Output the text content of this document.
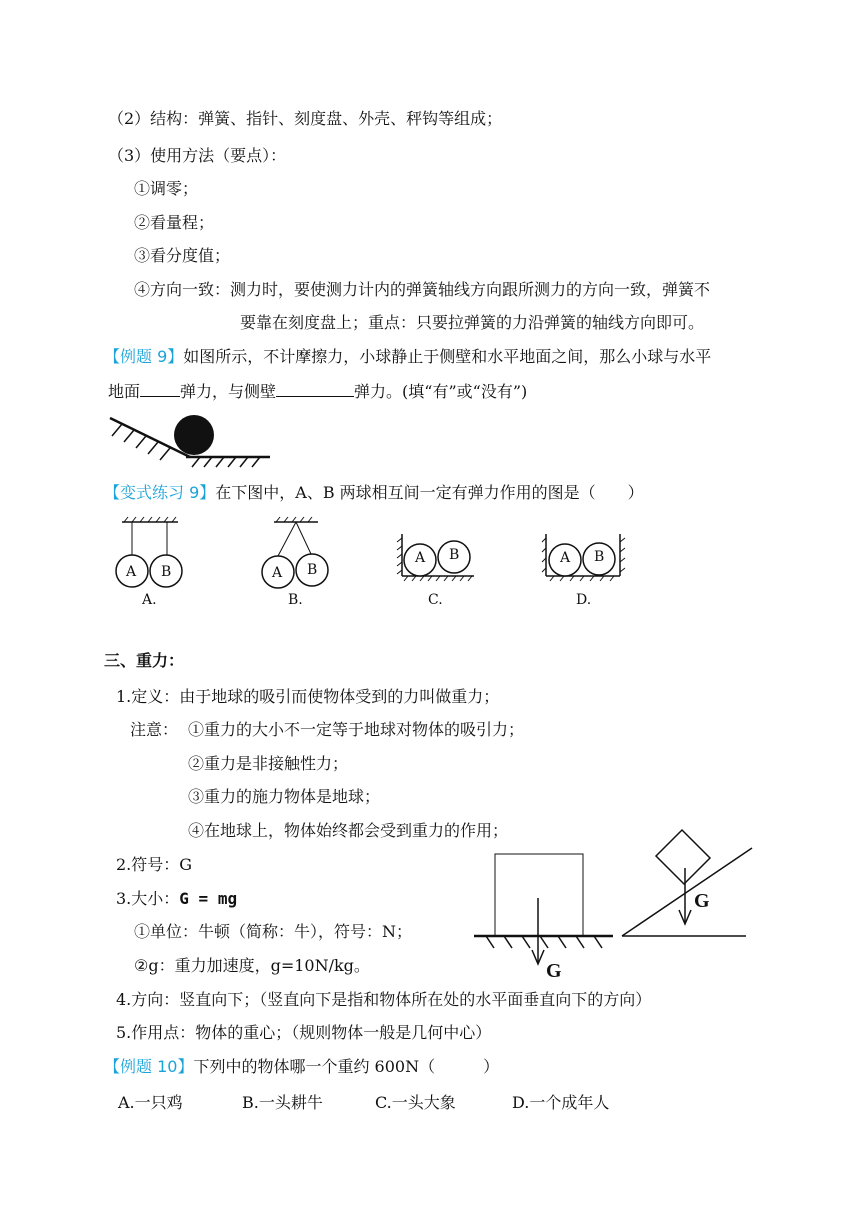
（2）结构：弹簧、指针、刻度盘、外壳、秤钩等组成；
（3）使用方法（要点）：
①调零；
②看量程；
③看分度值；
④方向一致：测力时，要使测力计内的弹簧轴线方向跟所测力的方向一致，弹簧不
要靠在刻度盘上；重点：只要拉弹簧的力沿弹簧的轴线方向即可。
【例题 9】如图所示，不计摩擦力，小球静止于侧壁和水平地面之间，那么小球与水平
地面	弹力，与侧壁	弹力。(填“有”或“没有”)
【变式练习 9】在下图中，A、B 两球相互间一定有弹力作用的图是（　　）
A B
A.
A B
B.
A B
C.
A B
D.
三、重力：
1.定义：由于地球的吸引而使物体受到的力叫做重力；
注意： ①重力的大小不一定等于地球对物体的吸引力；
②重力是非接触性力；
③重力的施力物体是地球；
④在地球上，物体始终都会受到重力的作用；
2.符号：G
3.大小：G = mg
①单位：牛顿（简称：牛），符号：N；
②g：重力加速度，g=10N/kg。
4.方向：竖直向下；（竖直向下是指和物体所在处的水平面垂直向下的方向）
5.作用点：物体的重心；（规则物体一般是几何中心）
G
G
【例题 10】下列中的物体哪一个重约 600N（　　　）
A.一只鸡	B.一头耕牛	C.一头大象	D.一个成年人
